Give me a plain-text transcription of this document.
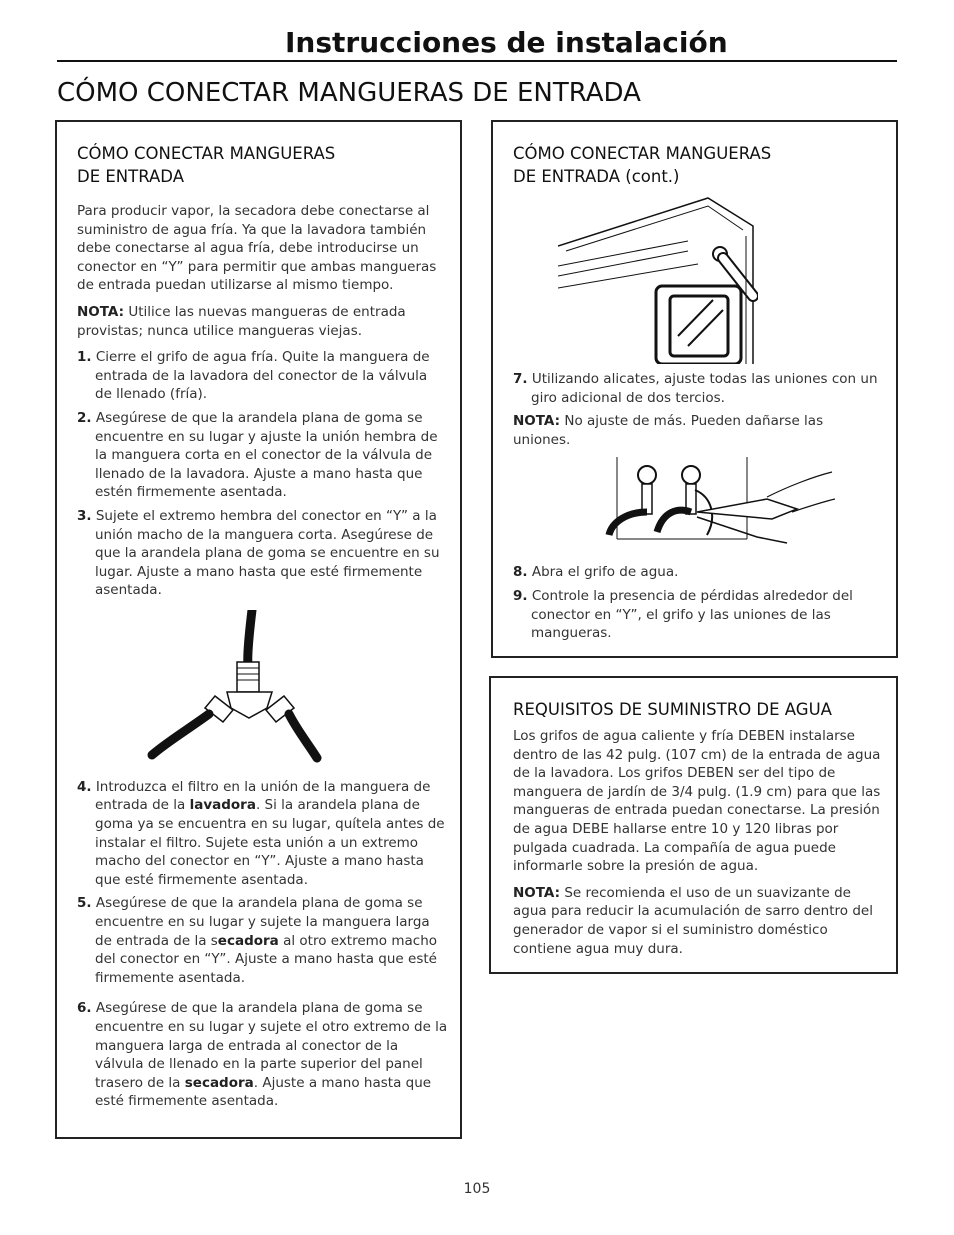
Instrucciones de instalación
CÓMO CONECTAR MANGUERAS DE ENTRADA
CÓMO CONECTAR MANGUERAS
DE ENTRADA

Para producir vapor, la secadora debe conectarse al suministro de agua fría. Ya que la lavadora también debe conectarse al agua fría, debe introducirse un conector en “Y” para permitir que ambas mangueras de entrada puedan utilizarse al mismo tiempo.

NOTA: Utilice las nuevas mangueras de entrada provistas; nunca utilice mangueras viejas.

1. Cierre el grifo de agua fría. Quite la manguera de entrada de la lavadora del conector de la válvula de llenado (fría).
2. Asegúrese de que la arandela plana de goma se encuentre en su lugar y ajuste la unión hembra de la manguera corta en el conector de la válvula de llenado de la lavadora. Ajuste a mano hasta que estén firmemente asentada.
3. Sujete el extremo hembra del conector en “Y” a la unión macho de la manguera corta. Asegúrese de que la arandela plana de goma se encuentre en su lugar. Ajuste a mano hasta que esté firmemente asentada.
4. Introduzca el filtro en la unión de la manguera de entrada de la lavadora. Si la arandela plana de goma ya se encuentra en su lugar, quítela antes de instalar el filtro. Sujete esta unión a un extremo macho del conector en “Y”. Ajuste a mano hasta que esté firmemente asentada.
5. Asegúrese de que la arandela plana de goma se encuentre en su lugar y sujete la manguera larga de entrada de la secadora al otro extremo macho del conector en “Y”. Ajuste a mano hasta que esté firmemente asentada.
6. Asegúrese de que la arandela plana de goma se encuentre en su lugar y sujete el otro extremo de la manguera larga de entrada al conector de la válvula de llenado en la parte superior del panel trasero de la secadora. Ajuste a mano hasta que esté firmemente asentada.
CÓMO CONECTAR MANGUERAS
DE ENTRADA (cont.)
7. Utilizando alicates, ajuste todas las uniones con un giro adicional de dos tercios.

NOTA: No ajuste de más. Pueden dañarse las uniones.

8. Abra el grifo de agua.
9. Controle la presencia de pérdidas alrededor del conector en “Y”, el grifo y las uniones de las mangueras.
REQUISITOS DE SUMINISTRO DE AGUA

Los grifos de agua caliente y fría DEBEN instalarse dentro de las 42 pulg. (107 cm) de la entrada de agua de la lavadora. Los grifos DEBEN ser del tipo de manguera de jardín de 3/4 pulg. (1.9 cm) para que las mangueras de entrada puedan conectarse. La presión de agua DEBE hallarse entre 10 y 120 libras por pulgada cuadrada. La compañía de agua puede informarle sobre la presión de agua.

NOTA: Se recomienda el uso de un suavizante de agua para reducir la acumulación de sarro dentro del generador de vapor si el suministro doméstico contiene agua muy dura.

105
